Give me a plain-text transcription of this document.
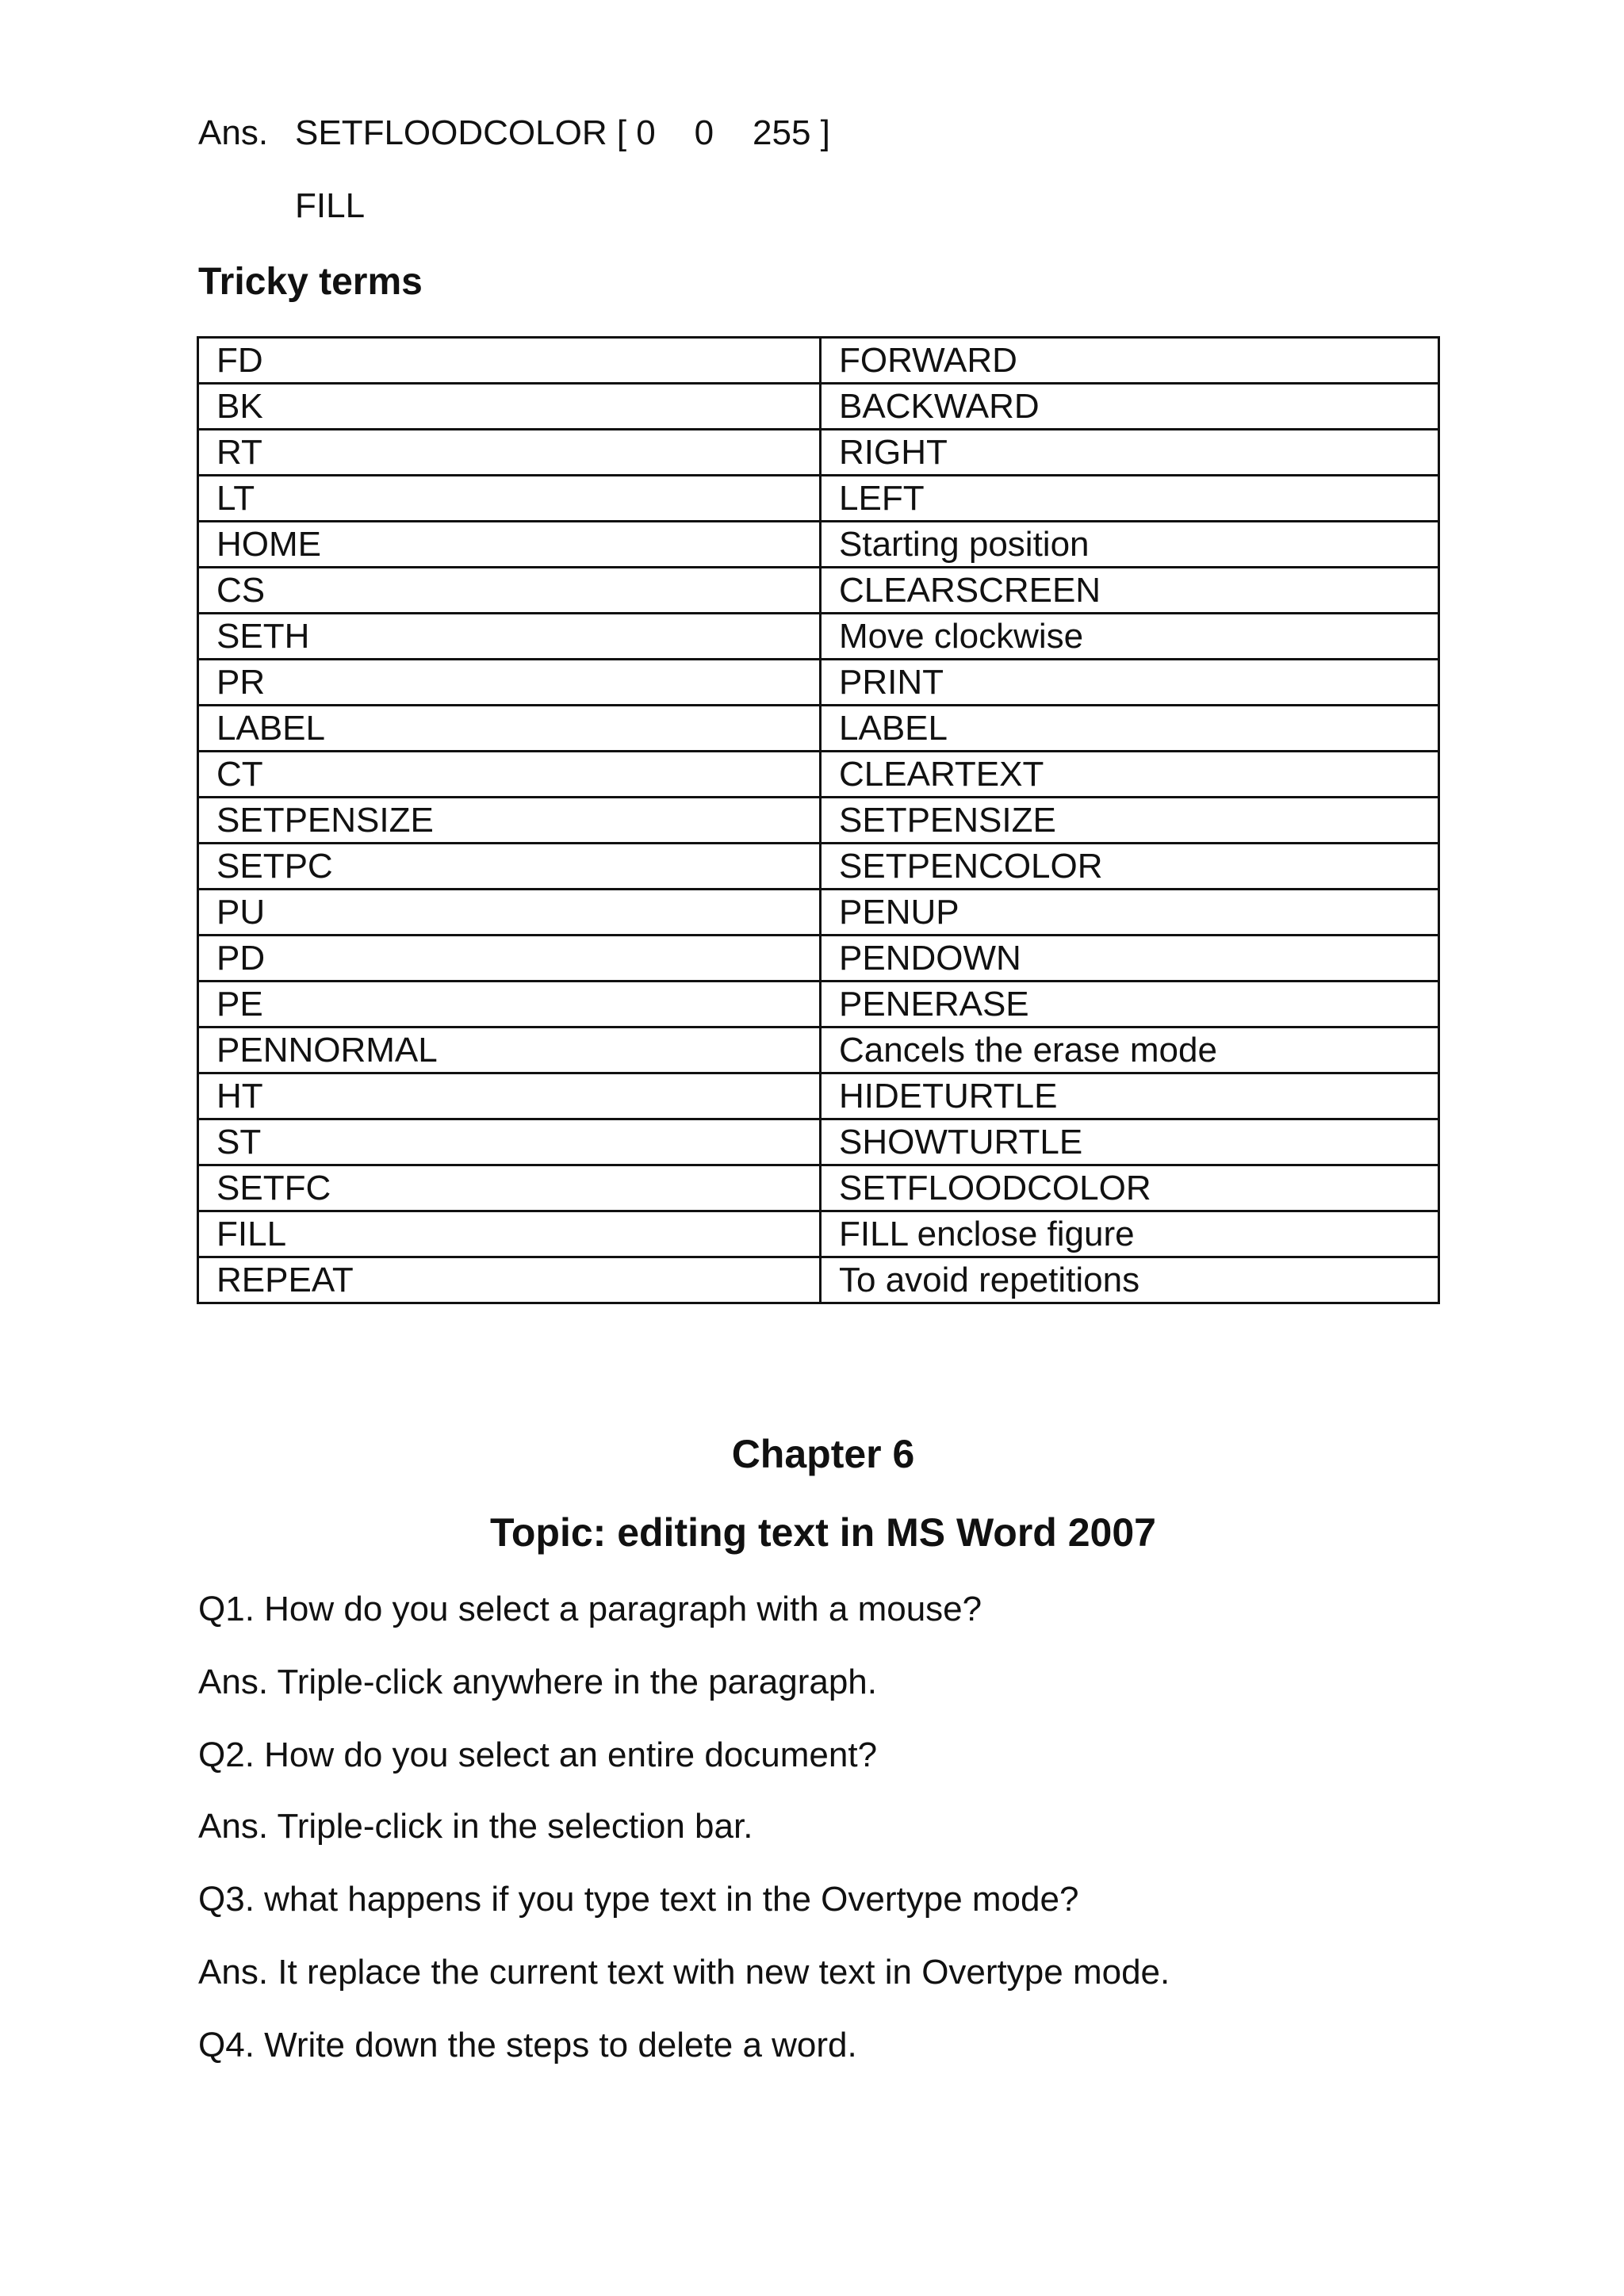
Ans. SETFLOODCOLOR [ 0    0    255 ]
FILL
Tricky terms
FD	FORWARD
BK	BACKWARD
RT	RIGHT
LT	LEFT
HOME	Starting position
CS	CLEARSCREEN
SETH	Move clockwise
PR	PRINT
LABEL	LABEL
CT	CLEARTEXT
SETPENSIZE	SETPENSIZE
SETPC	SETPENCOLOR
PU	PENUP
PD	PENDOWN
PE	PENERASE
PENNORMAL	Cancels the erase mode
HT	HIDETURTLE
ST	SHOWTURTLE
SETFC	SETFLOODCOLOR
FILL	FILL enclose figure
REPEAT	To avoid repetitions
Chapter 6
Topic: editing text in MS Word 2007
Q1. How do you select a paragraph with a mouse?
Ans. Triple-click anywhere in the paragraph.
Q2. How do you select an entire document?
Ans. Triple-click in the selection bar.
Q3. what happens if you type text in the Overtype mode?
Ans. It replace the current text with new text in Overtype mode.
Q4. Write down the steps to delete a word.
